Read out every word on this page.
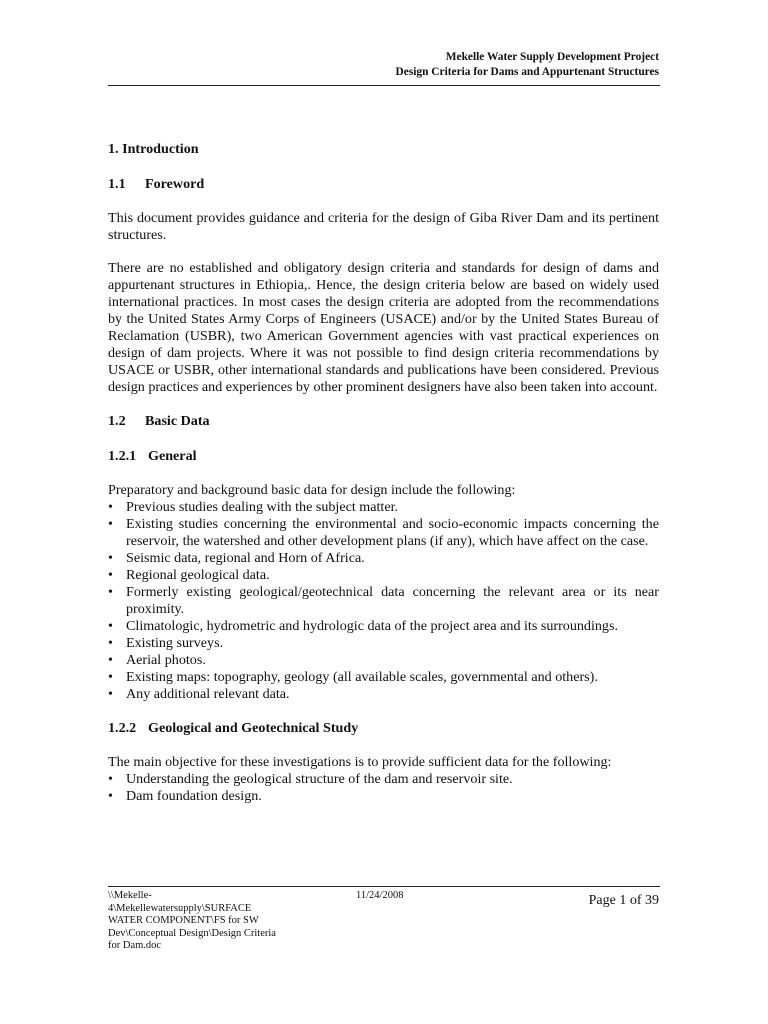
Mekelle Water Supply Development Project
Design Criteria for Dams and Appurtenant Structures
1. Introduction
1.1 Foreword

This document provides guidance and criteria for the design of Giba River Dam and its pertinent structures.

There are no established and obligatory design criteria and standards for design of dams and appurtenant structures in Ethiopia,. Hence, the design criteria below are based on widely used international practices. In most cases the design criteria are adopted from the recommendations by the United States Army Corps of Engineers (USACE) and/or by the United States Bureau of Reclamation (USBR), two American Government agencies with vast practical experiences on design of dam projects. Where it was not possible to find design criteria recommendations by USACE or USBR, other international standards and publications have been considered. Previous design practices and experiences by other prominent designers have also been taken into account.

1.2 Basic Data
1.2.1 General

Preparatory and background basic data for design include the following:

• Previous studies dealing with the subject matter.
• Existing studies concerning the environmental and socio-economic impacts concerning the reservoir, the watershed and other development plans (if any), which have affect on the case.
• Seismic data, regional and Horn of Africa.
• Regional geological data.
• Formerly existing geological/geotechnical data concerning the relevant area or its near proximity.
• Climatologic, hydrometric and hydrologic data of the project area and its surroundings.
• Existing surveys.
• Aerial photos.
• Existing maps: topography, geology (all available scales, governmental and others).
• Any additional relevant data.
1.2.2 Geological and Geotechnical Study

The main objective for these investigations is to provide sufficient data for the following:

• Understanding the geological structure of the dam and reservoir site.
• Dam foundation design.
\\Mekelle-4\Mekellewatersupply\SURFACE WATER COMPONENT\FS for SW Dev\Conceptual Design\Design Criteria for Dam.doc
11/24/2008	Page 1 of 39
